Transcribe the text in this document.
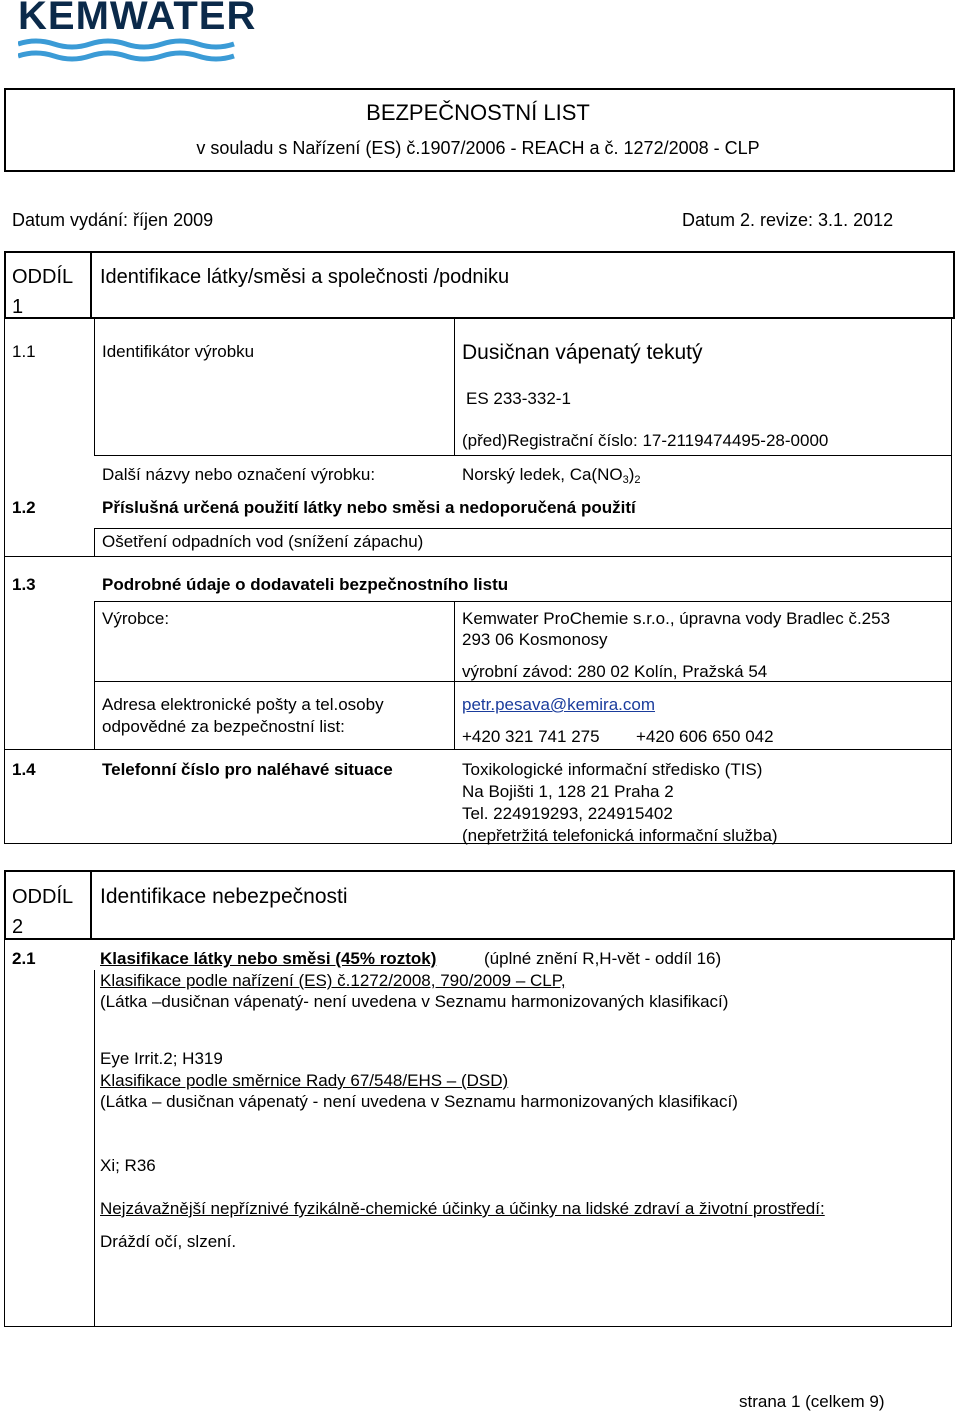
KEMWATER
BEZPEČNOSTNÍ LIST
v souladu s Nařízení (ES) č.1907/2006 - REACH a č. 1272/2008 - CLP
Datum vydání: říjen 2009	Datum 2. revize: 3.1. 2012
ODDÍL
1
Identifikace látky/směsi a společnosti /podniku
1.1	Identifikátor výrobku	Dusičnan vápenatý tekutý
ES 233-332-1
(před)Registrační číslo: 17-2119474495-28-0000
Další názvy nebo označení výrobku:	Norský ledek, $Ca(NO_3)_2$
1.2	Příslušná určená použití látky nebo směsi a nedoporučená použití
Ošetření odpadních vod (snížení zápachu)
1.3	Podrobné údaje o dodavateli bezpečnostního listu
Výrobce:	Kemwater ProChemie s.r.o., úpravna vody Bradlec č.253
293 06 Kosmonosy
výrobní závod: 280 02 Kolín, Pražská 54
Adresa elektronické pošty a tel.osoby
odpovědné za bezpečnostní list:
petr.pesava@kemira.com
+420 321 741 275 +420 606 650 042
1.4	Telefonní číslo pro naléhavé situace	Toxikologické informační středisko (TIS)
Na Bojišti 1, 128 21 Praha 2
Tel. 224919293, 224915402
(nepřetržitá telefonická informační služba)
ODDÍL
2
Identifikace nebezpečnosti
2.1	Klasifikace látky nebo směsi (45% roztok)	(úplné znění R,H-vět - oddíl 16)
Klasifikace podle nařízení (ES) č.1272/2008, 790/2009 – CLP,
(Látka –dusičnan vápenatý- není uvedena v Seznamu harmonizovaných klasifikací)
Eye Irrit.2; H319
Klasifikace podle směrnice Rady 67/548/EHS – (DSD)
(Látka – dusičnan vápenatý - není uvedena v Seznamu harmonizovaných klasifikací)
Xi; R36
Nejzávažnější nepříznivé fyzikálně-chemické účinky a účinky na lidské zdraví a životní prostředí:
Dráždí očí, slzení.
strana 1 (celkem 9)
